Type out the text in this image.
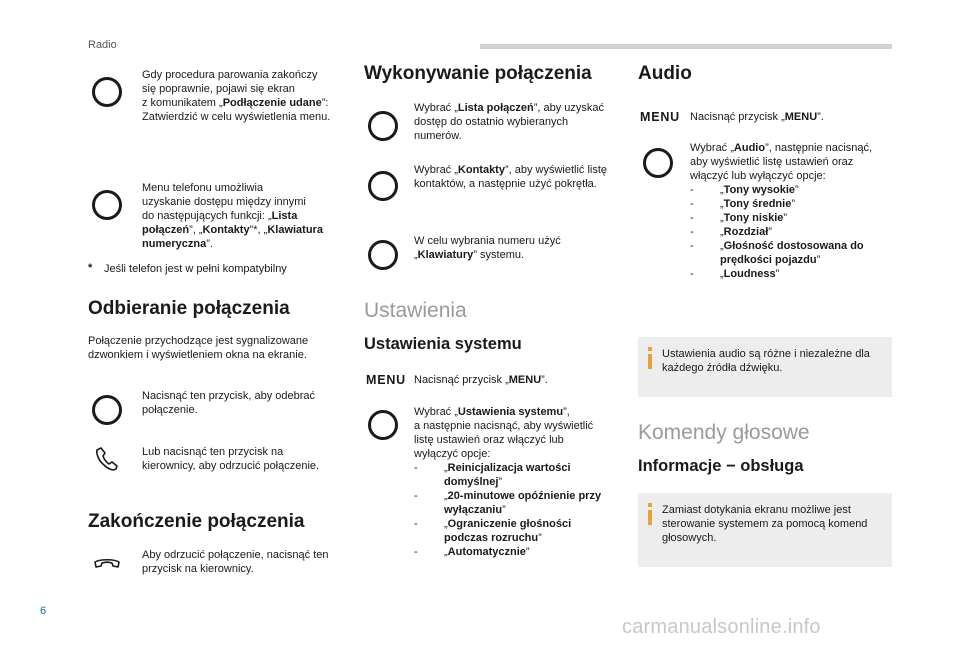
Radio
Gdy procedura parowania zakończy
się poprawnie, pojawi się ekran
z komunikatem „Podłączenie udane”:
Zatwierdzić w celu wyświetlenia menu.
Menu telefonu umożliwia
uzyskanie dostępu między innymi
do następujących funkcji: „Lista
połączeń”, „Kontakty”*, „Klawiatura
numeryczna”.
* Jeśli telefon jest w pełni kompatybilny
Odbieranie połączenia
Połączenie przychodzące jest sygnalizowane
dzwonkiem i wyświetleniem okna na ekranie.
Nacisnąć ten przycisk, aby odebrać
połączenie.
Lub nacisnąć ten przycisk na
kierownicy, aby odrzucić połączenie.
Zakończenie połączenia
Aby odrzucić połączenie, nacisnąć ten
przycisk na kierownicy.
Wykonywanie połączenia
Wybrać „Lista połączeń”, aby uzyskać
dostęp do ostatnio wybieranych
numerów.
Wybrać „Kontakty”, aby wyświetlić listę
kontaktów, a następnie użyć pokrętła.
W celu wybrania numeru użyć
„Klawiatury” systemu.
Ustawienia
Ustawienia systemu
MENU Nacisnąć przycisk „MENU”.
Wybrać „Ustawienia systemu”,
a następnie nacisnąć, aby wyświetlić
listę ustawień oraz włączyć lub
wyłączyć opcje:
- „Reinicjalizacja wartości
domyślnej”
- „20-minutowe opóźnienie przy
wyłączaniu”
- „Ograniczenie głośności
podczas rozruchu”
- „Automatycznie”
Audio
MENU Nacisnąć przycisk „MENU”.
Wybrać „Audio”, następnie nacisnąć,
aby wyświetlić listę ustawień oraz
włączyć lub wyłączyć opcje:
- „Tony wysokie”
- „Tony średnie”
- „Tony niskie”
- „Rozdział”
- „Głośność dostosowana do
prędkości pojazdu”
- „Loudness”
Ustawienia audio są różne i niezależne dla każdego źródła dźwięku.
Komendy głosowe
Informacje − obsługa
Zamiast dotykania ekranu możliwe jest sterowanie systemem za pomocą komend głosowych.
6
carmanualsonline.info
